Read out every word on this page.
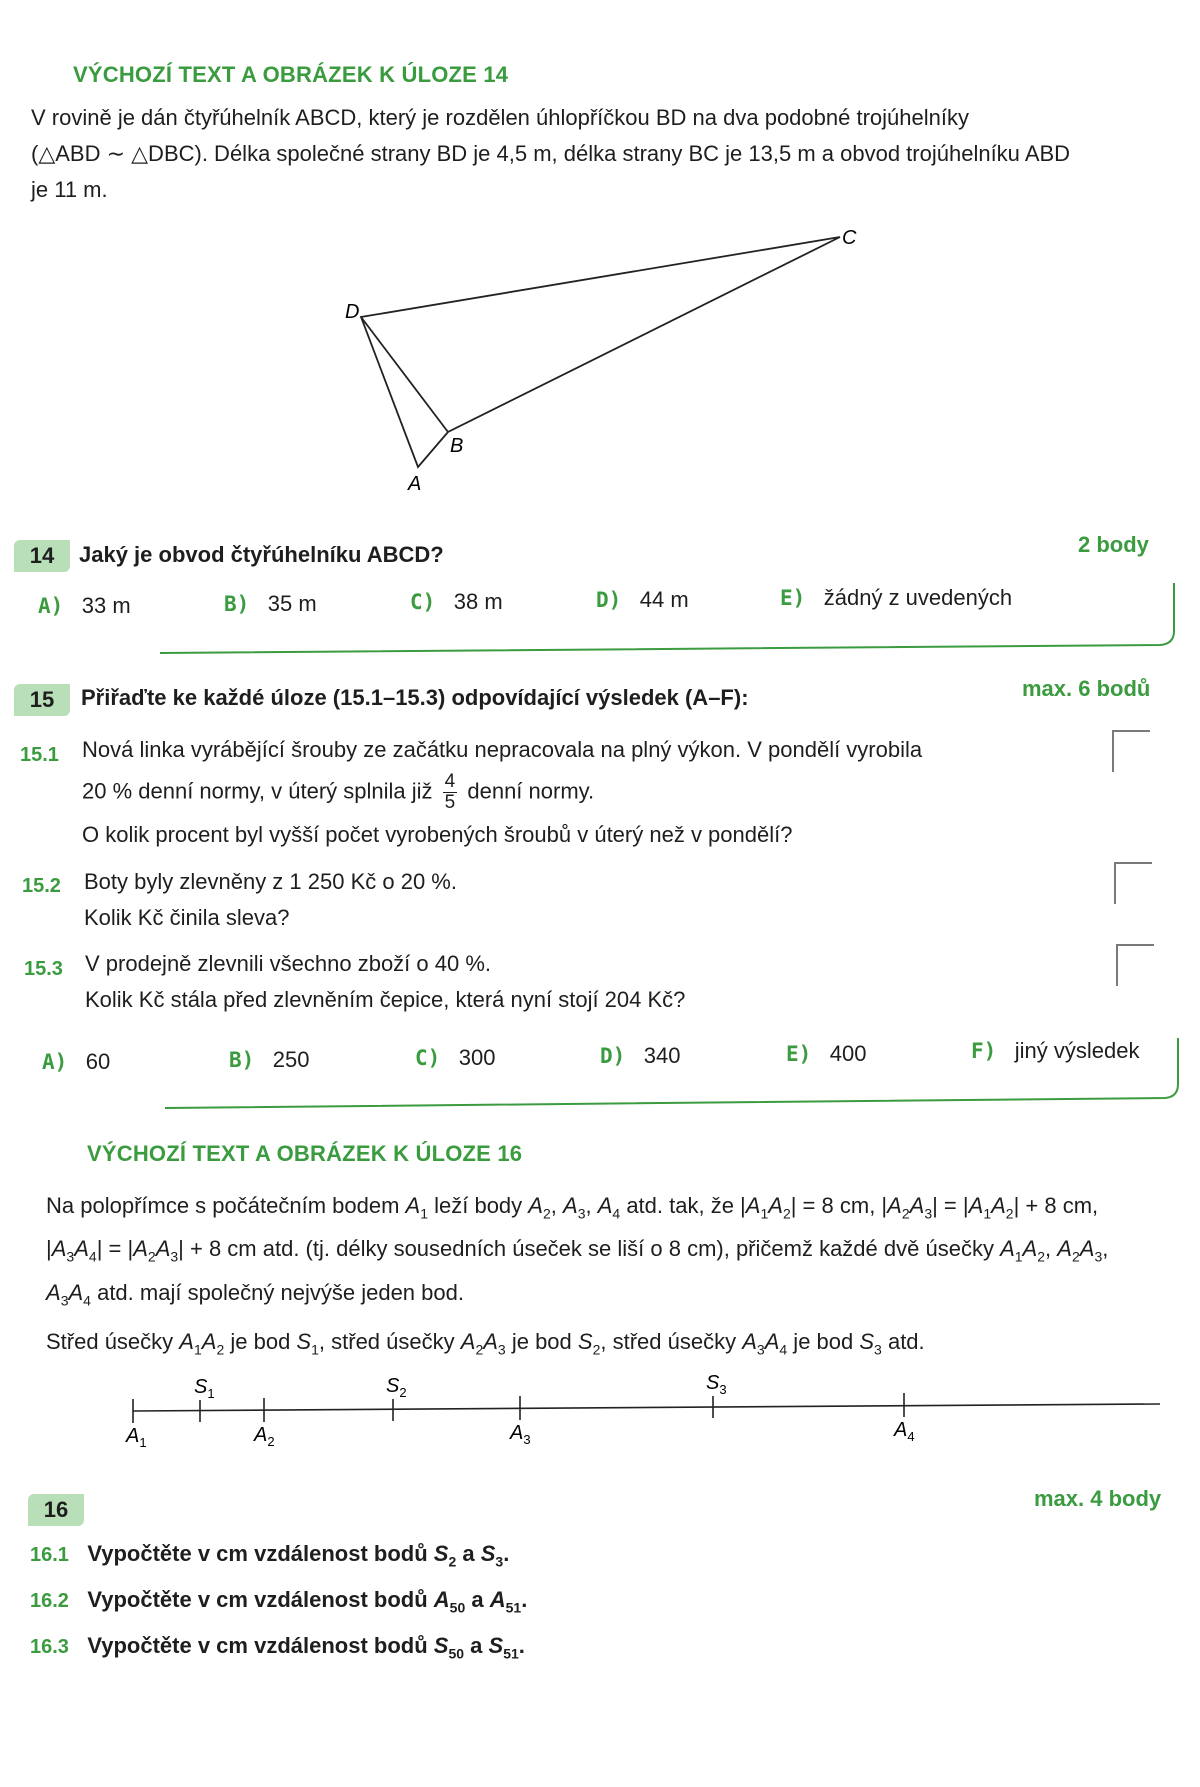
VÝCHOZÍ TEXT A OBRÁZEK K ÚLOZE 14
V rovině je dán čtyřúhelník ABCD, který je rozdělen úhlopříčkou BD na dva podobné trojúhelníky
(△ABD ∼ △DBC). Délka společné strany BD je 4,5 m, délka strany BC je 13,5 m a obvod trojúhelníku ABD
je 11 m.
A
B
C
D
14	Jaký je obvod čtyřúhelníku ABCD?	2 body
A) 33 m	B) 35 m	C) 38 m	D) 44 m	E) žádný z uvedených
15	Přiřaďte ke každé úloze (15.1–15.3) odpovídající výsledek (A–F):	max. 6 bodů
15.1 Nová linka vyrábějící šrouby ze začátku nepracovala na plný výkon. V pondělí vyrobila
20 % denní normy, v úterý splnila již $\frac{4}{5}$ denní normy.
O kolik procent byl vyšší počet vyrobených šroubů v úterý než v pondělí?
15.2 Boty byly zlevněny z 1 250 Kč o 20 %.
Kolik Kč činila sleva?
15.3 V prodejně zlevnili všechno zboží o 40 %.
Kolik Kč stála před zlevněním čepice, která nyní stojí 204 Kč?
A) 60	B) 250	C) 300	D) 340	E) 400	F) jiný výsledek
VÝCHOZÍ TEXT A OBRÁZEK K ÚLOZE 16
Na polopřímce s počátečním bodem $A_1$ leží body $A_2$, $A_3$, $A_4$ atd. tak, že $|A_1A_2| = 8$ cm, $|A_2A_3| = |A_1A_2| + 8$ cm,
$|A_3A_4| = |A_2A_3| + 8$ cm atd. (tj. délky sousedních úseček se liší o 8 cm), přičemž každé dvě úsečky $A_1A_2$, $A_2A_3$,
$A_3A_4$ atd. mají společný nejvýše jeden bod.
Střed úsečky $A_1A_2$ je bod $S_1$, střed úsečky $A_2A_3$ je bod $S_2$, střed úsečky $A_3A_4$ je bod $S_3$ atd.
$A_1$	$A_2$	$A_3$	$A_4$
$S_1$	$S_2$	$S_3$
16	max. 4 body
16.1 Vypočtěte v cm vzdálenost bodů $S_2$ a $S_3$.
16.2 Vypočtěte v cm vzdálenost bodů $A_{50}$ a $A_{51}$.
16.3 Vypočtěte v cm vzdálenost bodů $S_{50}$ a $S_{51}$.
